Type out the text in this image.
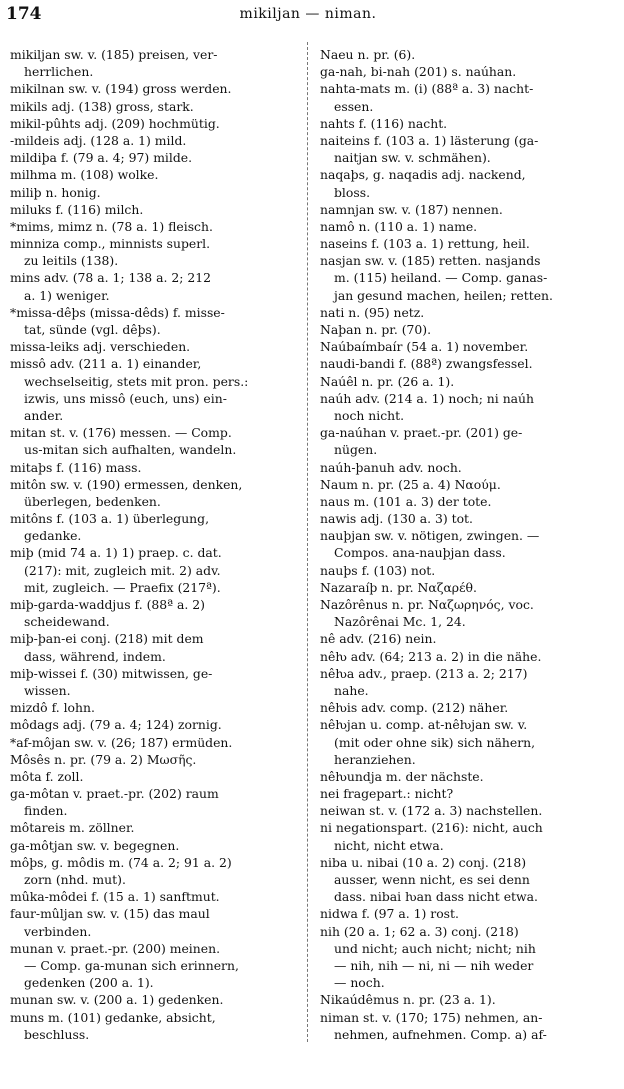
174	mikiljan — niman.
mikiljan sw. v. (185) preisen, ver-
herrlichen.
mikilnan sw. v. (194) gross werden.
mikils adj. (138) gross, stark.
mikil-pûhts adj. (209) hochmütig.
-mildeis adj. (128 a. 1) mild.
mildiþa f. (79 a. 4; 97) milde.
milhma m. (108) wolke.
miliþ n. honig.
miluks f. (116) milch.
*mims, mimz n. (78 a. 1) fleisch.
minniza comp., minnists superl.
zu leitils (138).
mins adv. (78 a. 1; 138 a. 2; 212
a. 1) weniger.
*missa-dêþs (missa-dêds) f. misse-
tat, sünde (vgl. dêþs).
missa-leiks adj. verschieden.
missô adv. (211 a. 1) einander,
wechselseitig, stets mit pron. pers.:
izwis, uns missô (euch, uns) ein-
ander.
mitan st. v. (176) messen. — Comp.
us-mitan sich aufhalten, wandeln.
mitaþs f. (116) mass.
mitôn sw. v. (190) ermessen, denken,
überlegen, bedenken.
mitôns f. (103 a. 1) überlegung,
gedanke.
miþ (mid 74 a. 1) 1) praep. c. dat.
(217): mit, zugleich mit. 2) adv.
mit, zugleich. — Praefix (217ª).
miþ-garda-waddjus f. (88ª a. 2)
scheidewand.
miþ-þan-ei conj. (218) mit dem
dass, während, indem.
miþ-wissei f. (30) mitwissen, ge-
wissen.
mizdô f. lohn.
môdags adj. (79 a. 4; 124) zornig.
*af-môjan sw. v. (26; 187) ermüden.
Môsês n. pr. (79 a. 2) Μωσῆς.
môta f. zoll.
ga-môtan v. praet.-pr. (202) raum
finden.
môtareis m. zöllner.
ga-môtjan sw. v. begegnen.
môþs, g. môdis m. (74 a. 2; 91 a. 2)
zorn (nhd. mut).
mûka-môdei f. (15 a. 1) sanftmut.
faur-mûljan sw. v. (15) das maul
verbinden.
munan v. praet.-pr. (200) meinen.
— Comp. ga-munan sich erinnern,
gedenken (200 a. 1).
munan sw. v. (200 a. 1) gedenken.
muns m. (101) gedanke, absicht,
beschluss.
Naeu n. pr. (6).
ga-nah, bi-nah (201) s. naúhan.
nahta-mats m. (i) (88ª a. 3) nacht-
essen.
nahts f. (116) nacht.
naiteins f. (103 a. 1) lästerung (ga-
naitjan sw. v. schmähen).
naqaþs, g. naqadis adj. nackend,
bloss.
namnjan sw. v. (187) nennen.
namô n. (110 a. 1) name.
naseins f. (103 a. 1) rettung, heil.
nasjan sw. v. (185) retten. nasjands
m. (115) heiland. — Comp. ganas-
jan gesund machen, heilen; retten.
nati n. (95) netz.
Naþan n. pr. (70).
Naúbaímbaír (54 a. 1) november.
naudi-bandi f. (88ª) zwangsfessel.
Naúêl n. pr. (26 a. 1).
naúh adv. (214 a. 1) noch; ni naúh
noch nicht.
ga-naúhan v. praet.-pr. (201) ge-
nügen.
naúh-þanuh adv. noch.
Naum n. pr. (25 a. 4) Ναούμ.
naus m. (101 a. 3) der tote.
nawis adj. (130 a. 3) tot.
nauþjan sw. v. nötigen, zwingen. —
Compos. ana-nauþjan dass.
nauþs f. (103) not.
Nazaraíþ n. pr. Ναζαρέθ.
Nazôrênus n. pr. Ναζωρηνός, voc.
Nazôrênai Mc. 1, 24.
nê adv. (216) nein.
nêƕ adv. (64; 213 a. 2) in die nähe.
nêƕa adv., praep. (213 a. 2; 217)
nahe.
nêƕis adv. comp. (212) näher.
nêƕjan u. comp. at-nêƕjan sw. v.
(mit oder ohne sik) sich nähern,
heranziehen.
nêƕundja m. der nächste.
nei fragepart.: nicht?
neiwan st. v. (172 a. 3) nachstellen.
ni negationspart. (216): nicht, auch
nicht, nicht etwa.
niba u. nibai (10 a. 2) conj. (218)
ausser, wenn nicht, es sei denn
dass. nibai ƕan dass nicht etwa.
nidwa f. (97 a. 1) rost.
nih (20 a. 1; 62 a. 3) conj. (218)
und nicht; auch nicht; nicht; nih
— nih, nih — ni, ni — nih weder
— noch.
Nikaúdêmus n. pr. (23 a. 1).
niman st. v. (170; 175) nehmen, an-
nehmen, aufnehmen. Comp. a) af-
